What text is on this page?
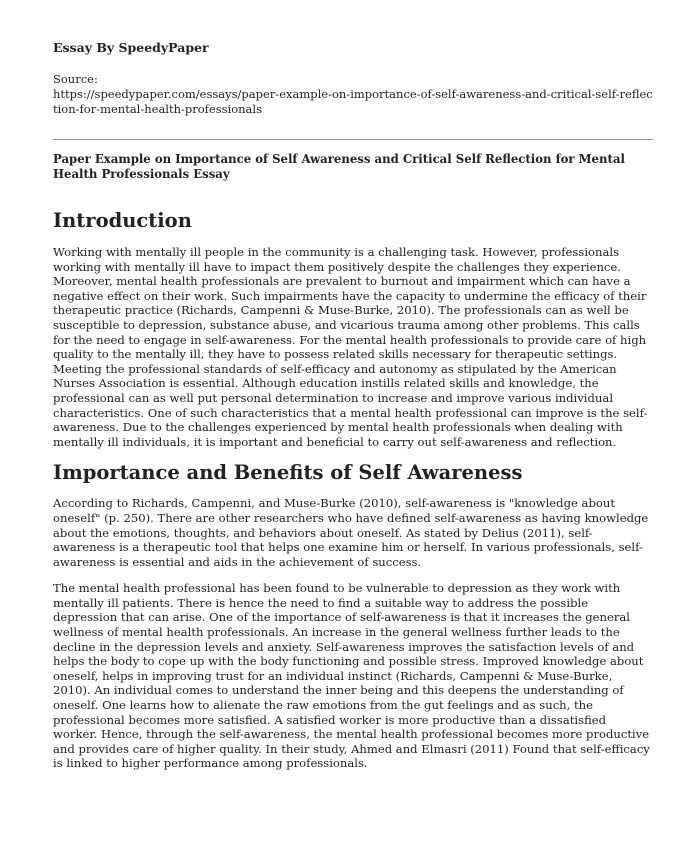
Essay By SpeedyPaper

Source:

https://speedypaper.com/essays/paper-example-on-importance-of-self-awareness-and-critical-self-reflection-for-mental-health-professionals

Paper Example on Importance of Self Awareness and Critical Self Reflection for Mental Health Professionals Essay

Introduction

Working with mentally ill people in the community is a challenging task. However, professionals working with mentally ill have to impact them positively despite the challenges they experience. Moreover, mental health professionals are prevalent to burnout and impairment which can have a negative effect on their work. Such impairments have the capacity to undermine the efficacy of their therapeutic practice (Richards, Campenni & Muse-Burke, 2010). The professionals can as well be susceptible to depression, substance abuse, and vicarious trauma among other problems. This calls for the need to engage in self-awareness. For the mental health professionals to provide care of high quality to the mentally ill, they have to possess related skills necessary for therapeutic settings. Meeting the professional standards of self-efficacy and autonomy as stipulated by the American Nurses Association is essential. Although education instills related skills and knowledge, the professional can as well put personal determination to increase and improve various individual characteristics. One of such characteristics that a mental health professional can improve is the self-awareness. Due to the challenges experienced by mental health professionals when dealing with mentally ill individuals, it is important and beneficial to carry out self-awareness and reflection.

Importance and Benefits of Self Awareness

According to Richards, Campenni, and Muse-Burke (2010), self-awareness is "knowledge about oneself" (p. 250). There are other researchers who have defined self-awareness as having knowledge about the emotions, thoughts, and behaviors about oneself. As stated by Delius (2011), self-awareness is a therapeutic tool that helps one examine him or herself. In various professionals, self-awareness is essential and aids in the achievement of success.

The mental health professional has been found to be vulnerable to depression as they work with mentally ill patients. There is hence the need to find a suitable way to address the possible depression that can arise. One of the importance of self-awareness is that it increases the general wellness of mental health professionals. An increase in the general wellness further leads to the decline in the depression levels and anxiety. Self-awareness improves the satisfaction levels of and helps the body to cope up with the body functioning and possible stress. Improved knowledge about oneself, helps in improving trust for an individual instinct (Richards, Campenni & Muse-Burke, 2010). An individual comes to understand the inner being and this deepens the understanding of oneself. One learns how to alienate the raw emotions from the gut feelings and as such, the professional becomes more satisfied. A satisfied worker is more productive than a dissatisfied worker. Hence, through the self-awareness, the mental health professional becomes more productive and provides care of higher quality. In their study, Ahmed and Elmasri (2011) Found that self-efficacy is linked to higher performance among professionals.
